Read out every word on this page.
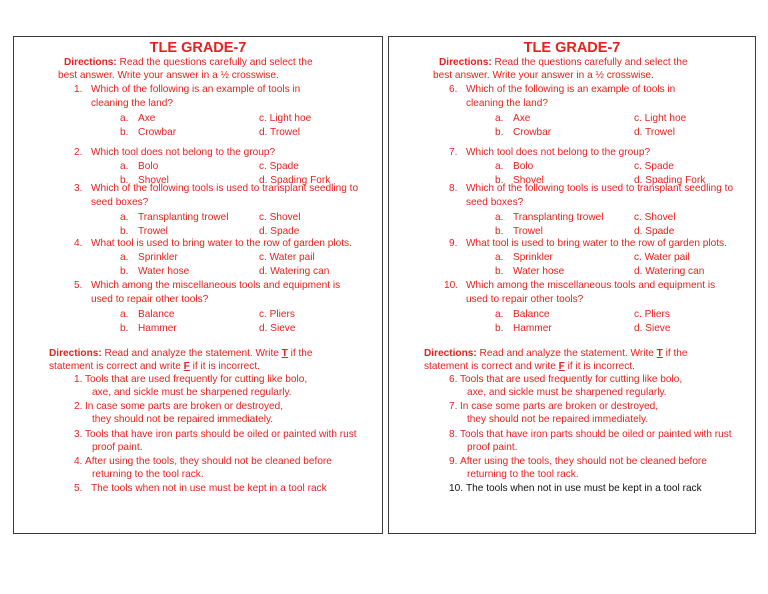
TLE GRADE-7
Directions: Read the questions carefully and select the
best answer. Write your answer in a ½ crosswise.
1. Which of the following is an example of tools in
cleaning the land?
a. Axe	c. Light hoe
b. Crowbar	d. Trowel
2. Which tool does not belong to the group?
a. Bolo	c. Spade
b. Shovel	d. Spading Fork
3. Which of the following tools is used to transplant seedling to
seed boxes?
a. Transplanting trowel	c. Shovel
b. Trowel	d. Spade
4. What tool is used to bring water to the row of garden plots.
a. Sprinkler	c. Water pail
b. Water hose	d. Watering can
5. Which among the miscellaneous tools and equipment is
used to repair other tools?
a. Balance	c. Pliers
b. Hammer	d. Sieve
Directions: Read and analyze the statement. Write T if the
statement is correct and write F if it is incorrect.
1. Tools that are used frequently for cutting like bolo,
axe, and sickle must be sharpened regularly.
2. In case some parts are broken or destroyed,
they should not be repaired immediately.
3. Tools that have iron parts should be oiled or painted with rust
proof paint.
4. After using the tools, they should not be cleaned before
returning to the tool rack.
5. The tools when not in use must be kept in a tool rack
TLE GRADE-7
Directions: Read the questions carefully and select the
best answer. Write your answer in a ½ crosswise.
6. Which of the following is an example of tools in
cleaning the land?
a. Axe	c. Light hoe
b. Crowbar	d. Trowel
7. Which tool does not belong to the group?
a. Bolo	c. Spade
b. Shovel	d. Spading Fork
8. Which of the following tools is used to transplant seedling to
seed boxes?
a. Transplanting trowel	c. Shovel
b. Trowel	d. Spade
9. What tool is used to bring water to the row of garden plots.
a. Sprinkler	c. Water pail
b. Water hose	d. Watering can
10. Which among the miscellaneous tools and equipment is
used to repair other tools?
a. Balance	c. Pliers
b. Hammer	d. Sieve
Directions: Read and analyze the statement. Write T if the
statement is correct and write F if it is incorrect.
6. Tools that are used frequently for cutting like bolo,
axe, and sickle must be sharpened regularly.
7. In case some parts are broken or destroyed,
they should not be repaired immediately.
8. Tools that have iron parts should be oiled or painted with rust
proof paint.
9. After using the tools, they should not be cleaned before
returning to the tool rack.
10. The tools when not in use must be kept in a tool rack
